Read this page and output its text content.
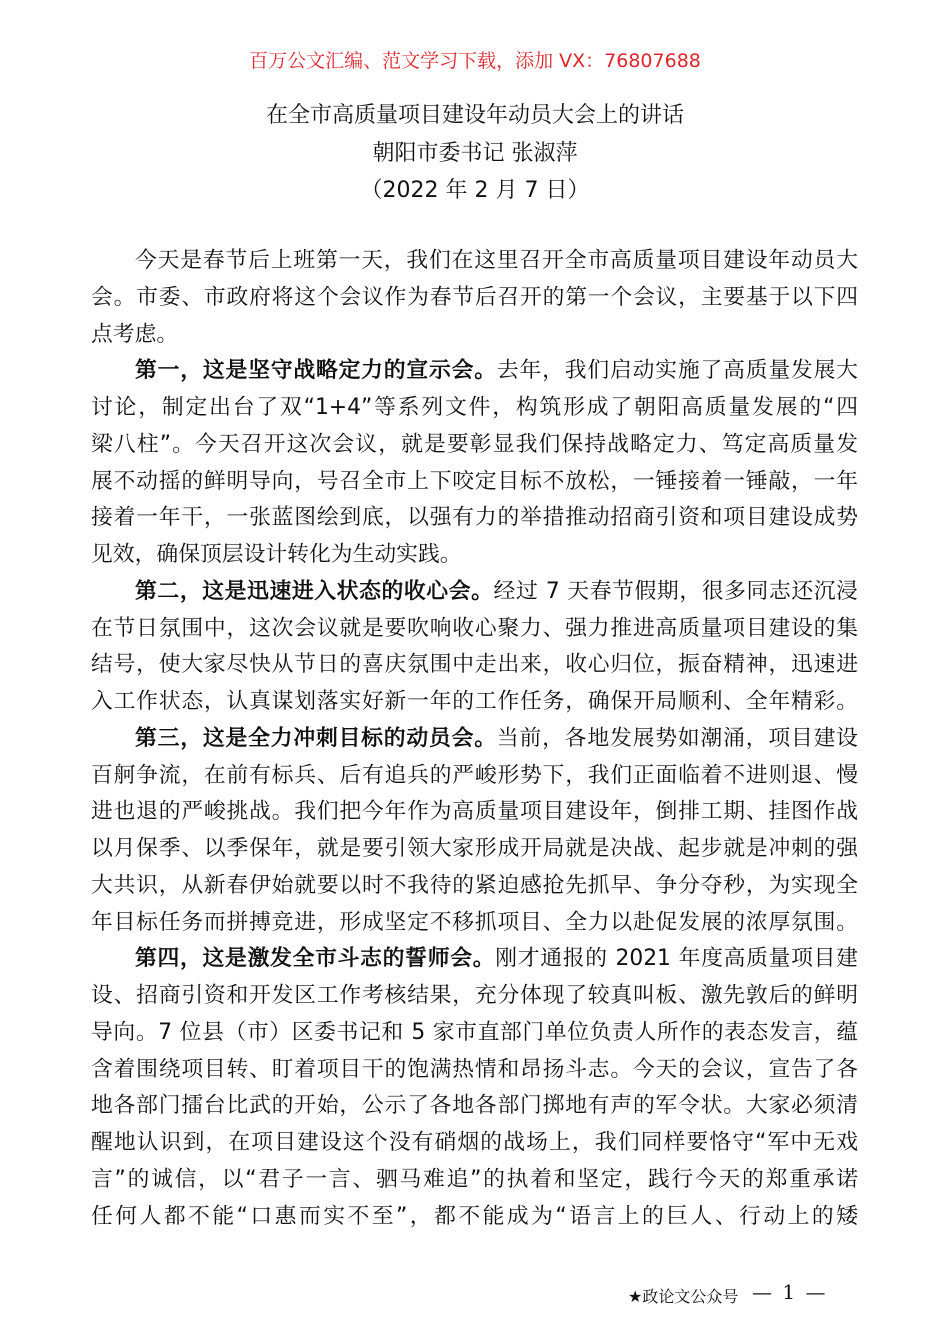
百万公文汇编、范文学习下载，添加 VX：76807688
在全市高质量项目建设年动员大会上的讲话
朝阳市委书记 张淑萍
（2022 年 2 月 7 日）
今天是春节后上班第一天，我们在这里召开全市高质量项目建设年动员大
会。市委、市政府将这个会议作为春节后召开的第一个会议，主要基于以下四
点考虑。
第一，这是坚守战略定力的宣示会。去年，我们启动实施了高质量发展大
讨论，制定出台了双“1+4”等系列文件，构筑形成了朝阳高质量发展的“四
梁八柱”。今天召开这次会议，就是要彰显我们保持战略定力、笃定高质量发
展不动摇的鲜明导向，号召全市上下咬定目标不放松，一锤接着一锤敲，一年
接着一年干，一张蓝图绘到底，以强有力的举措推动招商引资和项目建设成势
见效，确保顶层设计转化为生动实践。
第二，这是迅速进入状态的收心会。经过 7 天春节假期，很多同志还沉浸
在节日氛围中，这次会议就是要吹响收心聚力、强力推进高质量项目建设的集
结号，使大家尽快从节日的喜庆氛围中走出来，收心归位，振奋精神，迅速进
入工作状态，认真谋划落实好新一年的工作任务，确保开局顺利、全年精彩。
第三，这是全力冲刺目标的动员会。当前，各地发展势如潮涌，项目建设
百舸争流，在前有标兵、后有追兵的严峻形势下，我们正面临着不进则退、慢
进也退的严峻挑战。我们把今年作为高质量项目建设年，倒排工期、挂图作战
以月保季、以季保年，就是要引领大家形成开局就是决战、起步就是冲刺的强
大共识，从新春伊始就要以时不我待的紧迫感抢先抓早、争分夺秒，为实现全
年目标任务而拼搏竞进，形成坚定不移抓项目、全力以赴促发展的浓厚氛围。
第四，这是激发全市斗志的誓师会。刚才通报的 2021 年度高质量项目建
设、招商引资和开发区工作考核结果，充分体现了较真叫板、激先敦后的鲜明
导向。7 位县（市）区委书记和 5 家市直部门单位负责人所作的表态发言，蕴
含着围绕项目转、盯着项目干的饱满热情和昂扬斗志。今天的会议，宣告了各
地各部门擂台比武的开始，公示了各地各部门掷地有声的军令状。大家必须清
醒地认识到，在项目建设这个没有硝烟的战场上，我们同样要恪守“军中无戏
言”的诚信，以“君子一言、驷马难追”的执着和坚定，践行今天的郑重承诺
任何人都不能“口惠而实不至”，都不能成为“语言上的巨人、行动上的矮
★政论文公众号 — 1 —
